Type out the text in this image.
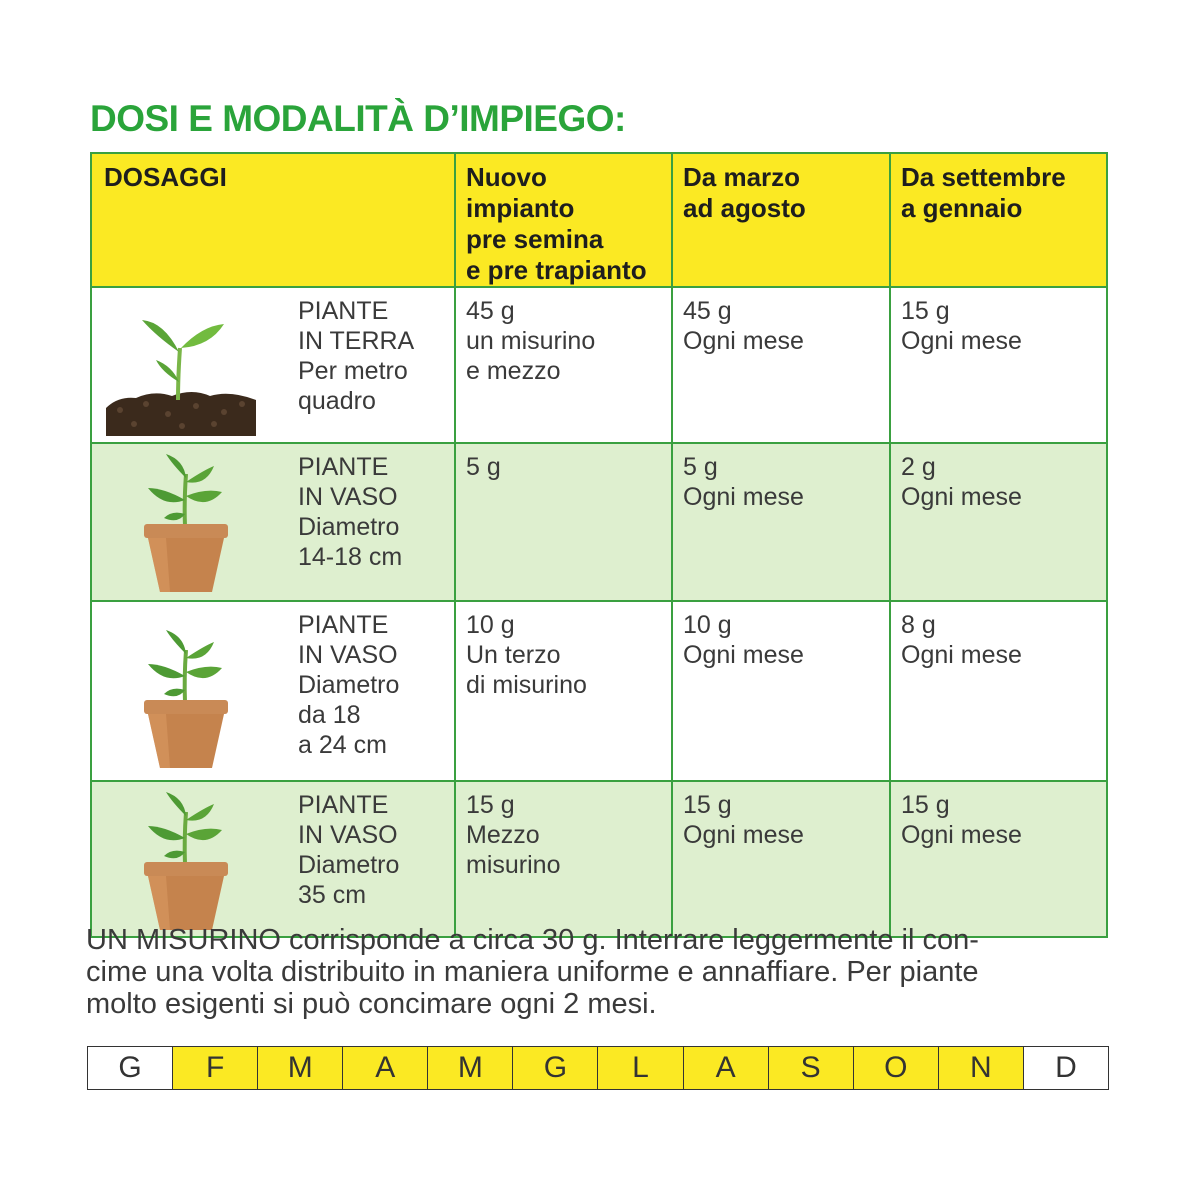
DOSI E MODALITÀ D’IMPIEGO:
DOSAGGI	Nuovo impianto
pre semina
e pre trapianto	Da marzo
ad agosto	Da settembre
a gennaio

PIANTE
IN TERRA
Per metro
quadro	45 g
un misurino
e mezzo	45 g
Ogni mese	15 g
Ogni mese

PIANTE
IN VASO
Diametro
14-18 cm	5 g	5 g
Ogni mese	2 g
Ogni mese

PIANTE
IN VASO
Diametro
da 18
a 24 cm	10 g
Un terzo
di misurino	10 g
Ogni mese	8 g
Ogni mese

PIANTE
IN VASO
Diametro
35 cm	15 g
Mezzo
misurino	15 g
Ogni mese	15 g
Ogni mese

UN MISURINO corrisponde a circa 30 g. Interrare leggermente il con-
cime una volta distribuito in maniera uniforme e annaffiare. Per piante
molto esigenti si può concimare ogni 2 mesi.

G	F	M	A	M	G	L	A	S	O	N	D
